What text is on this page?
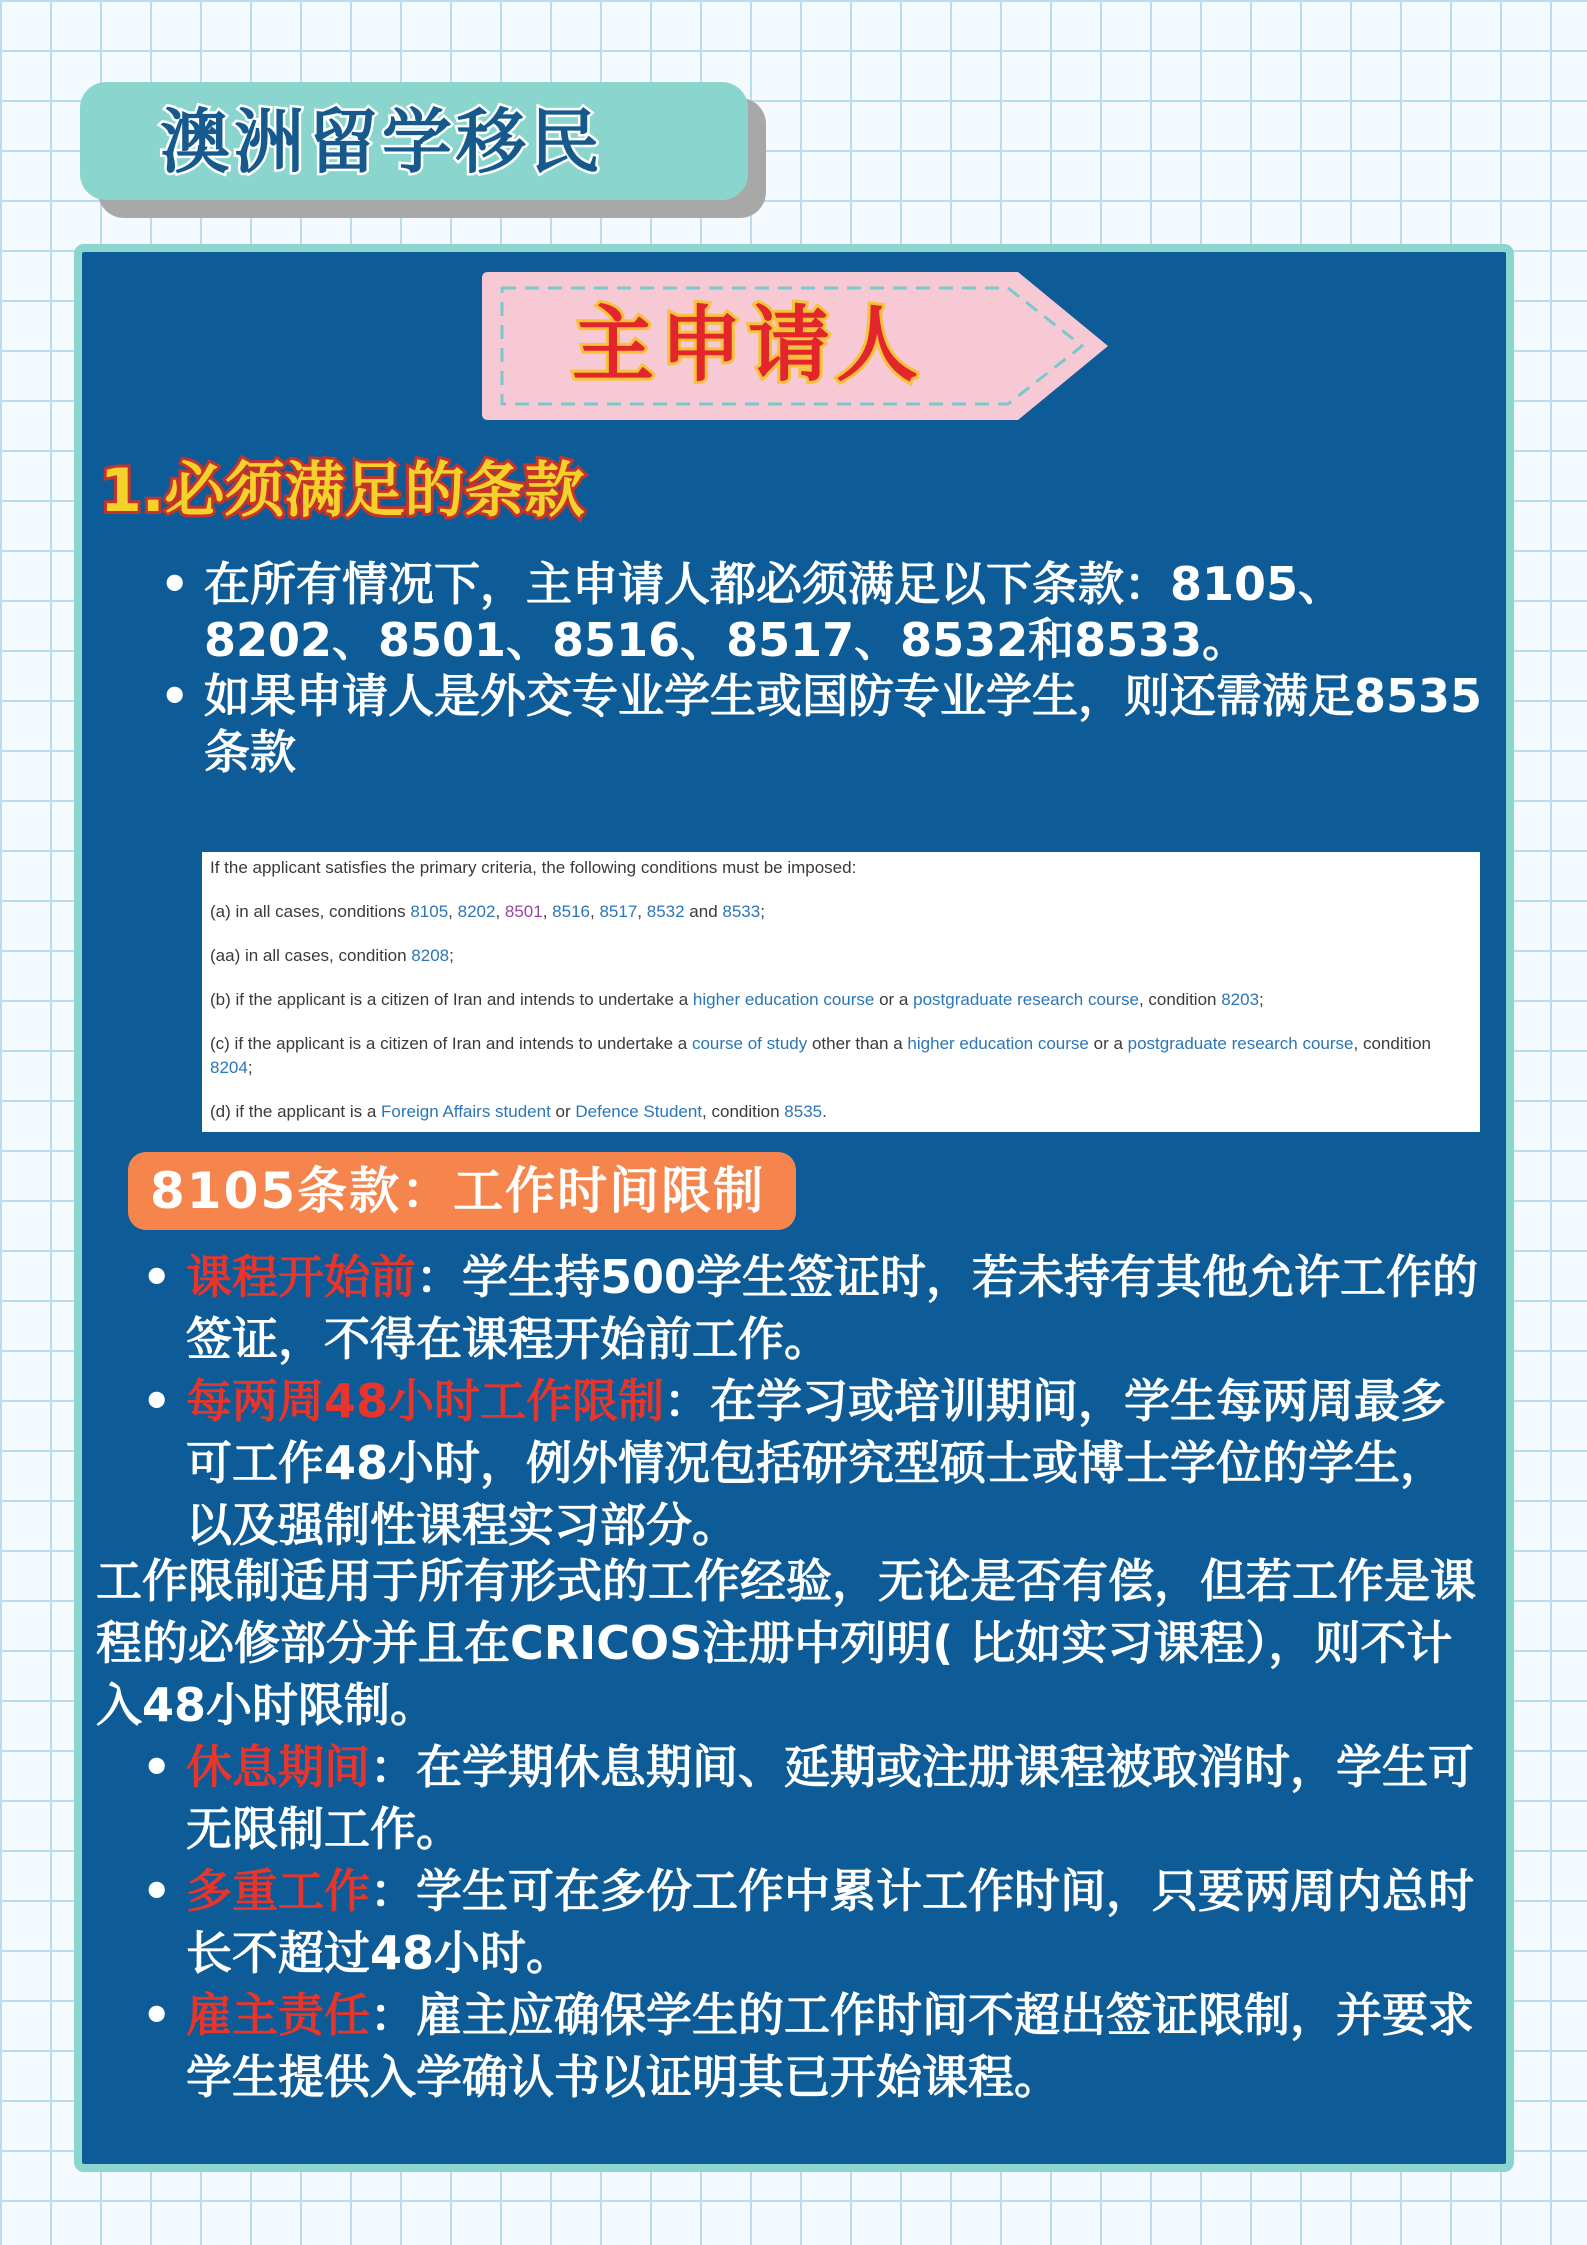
澳洲留学移民
主申请人
1.必须满足的条款
• 在所有情况下，主申请人都必须满足以下条款：8105、8202、8501、8516、8517、8532和8533。
• 如果申请人是外交专业学生或国防专业学生，则还需满足8535条款

If the applicant satisfies the primary criteria, the following conditions must be imposed:

(a) in all cases, conditions 8105, 8202, 8501, 8516, 8517, 8532 and 8533;

(aa) in all cases, condition 8208;

(b) if the applicant is a citizen of Iran and intends to undertake a higher education course or a postgraduate research course, condition 8203;

(c) if the applicant is a citizen of Iran and intends to undertake a course of study other than a higher education course or a postgraduate research course, condition 8204;

(d) if the applicant is a Foreign Affairs student or Defence Student, condition 8535.

8105条款：工作时间限制
• 课程开始前：学生持500学生签证时，若未持有其他允许工作的签证，不得在课程开始前工作。
• 每两周48小时工作限制：在学习或培训期间，学生每两周最多可工作48小时，例外情况包括研究型硕士或博士学位的学生，以及强制性课程实习部分。

工作限制适用于所有形式的工作经验，无论是否有偿，但若工作是课程的必修部分并且在CRICOS注册中列明( 比如实习课程），则不计入48小时限制。

• 休息期间：在学期休息期间、延期或注册课程被取消时，学生可无限制工作。
• 多重工作：学生可在多份工作中累计工作时间，只要两周内总时长不超过48小时。
• 雇主责任：雇主应确保学生的工作时间不超出签证限制，并要求学生提供入学确认书以证明其已开始课程。
